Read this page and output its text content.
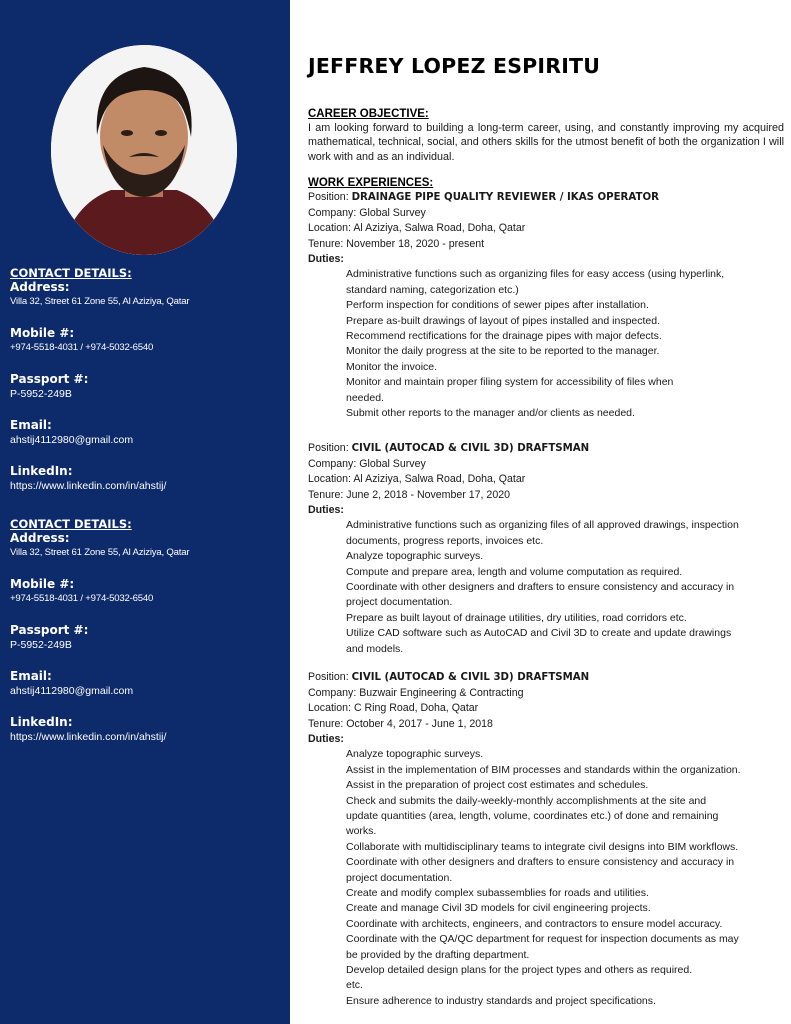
CONTACT DETAILS:

Address:

Villa 32, Street 61 Zone 55, Al Aziziya, Qatar

Mobile #:

+974-5518-4031 / +974-5032-6540

Passport #:

P-5952-249B

Email:

ahstij4112980@gmail.com

LinkedIn:

https://www.linkedin.com/in/ahstij/

CONTACT DETAILS:

Address:

Villa 32, Street 61 Zone 55, Al Aziziya, Qatar

Mobile #:

+974-5518-4031 / +974-5032-6540

Passport #:

P-5952-249B

Email:

ahstij4112980@gmail.com

LinkedIn:

https://www.linkedin.com/in/ahstij/

JEFFREY LOPEZ ESPIRITU

CAREER OBJECTIVE:

I am looking forward to building a long-term career, using, and constantly improving my acquired mathematical, technical, social, and others skills for the utmost benefit of both the organization I will work with and as an individual.

WORK EXPERIENCES:

Position: DRAINAGE PIPE QUALITY REVIEWER / IKAS OPERATOR

Company: Global Survey

Location: Al Aziziya, Salwa Road, Doha, Qatar

Tenure: November 18, 2020 - present

Duties:

Administrative functions such as organizing files for easy access (using hyperlink,
standard naming, categorization etc.)
Perform inspection for conditions of sewer pipes after installation.
Prepare as-built drawings of layout of pipes installed and inspected.
Recommend rectifications for the drainage pipes with major defects.
Monitor the daily progress at the site to be reported to the manager.
Monitor the invoice.
Monitor and maintain proper filing system for accessibility of files when
needed.
Submit other reports to the manager and/or clients as needed.

Position: CIVIL (AUTOCAD & CIVIL 3D) DRAFTSMAN

Company: Global Survey

Location: Al Aziziya, Salwa Road, Doha, Qatar

Tenure: June 2, 2018 - November 17, 2020

Duties:

Administrative functions such as organizing files of all approved drawings, inspection
documents, progress reports, invoices etc.
Analyze topographic surveys.
Compute and prepare area, length and volume computation as required.
Coordinate with other designers and drafters to ensure consistency and accuracy in
project documentation.
Prepare as built layout of drainage utilities, dry utilities, road corridors etc.
Utilize CAD software such as AutoCAD and Civil 3D to create and update drawings
and models.

Position: CIVIL (AUTOCAD & CIVIL 3D) DRAFTSMAN

Company: Buzwair Engineering & Contracting

Location: C Ring Road, Doha, Qatar

Tenure: October 4, 2017 - June 1, 2018

Duties:

Analyze topographic surveys.
Assist in the implementation of BIM processes and standards within the organization.
Assist in the preparation of project cost estimates and schedules.
Check and submits the daily-weekly-monthly accomplishments at the site and
update quantities (area, length, volume, coordinates etc.) of done and remaining
works.
Collaborate with multidisciplinary teams to integrate civil designs into BIM workflows.
Coordinate with other designers and drafters to ensure consistency and accuracy in
project documentation.
Create and modify complex subassemblies for roads and utilities.
Create and manage Civil 3D models for civil engineering projects.
Coordinate with architects, engineers, and contractors to ensure model accuracy.
Coordinate with the QA/QC department for request for inspection documents as may
be provided by the drafting department.
Develop detailed design plans for the project types and others as required.
etc.
Ensure adherence to industry standards and project specifications.
